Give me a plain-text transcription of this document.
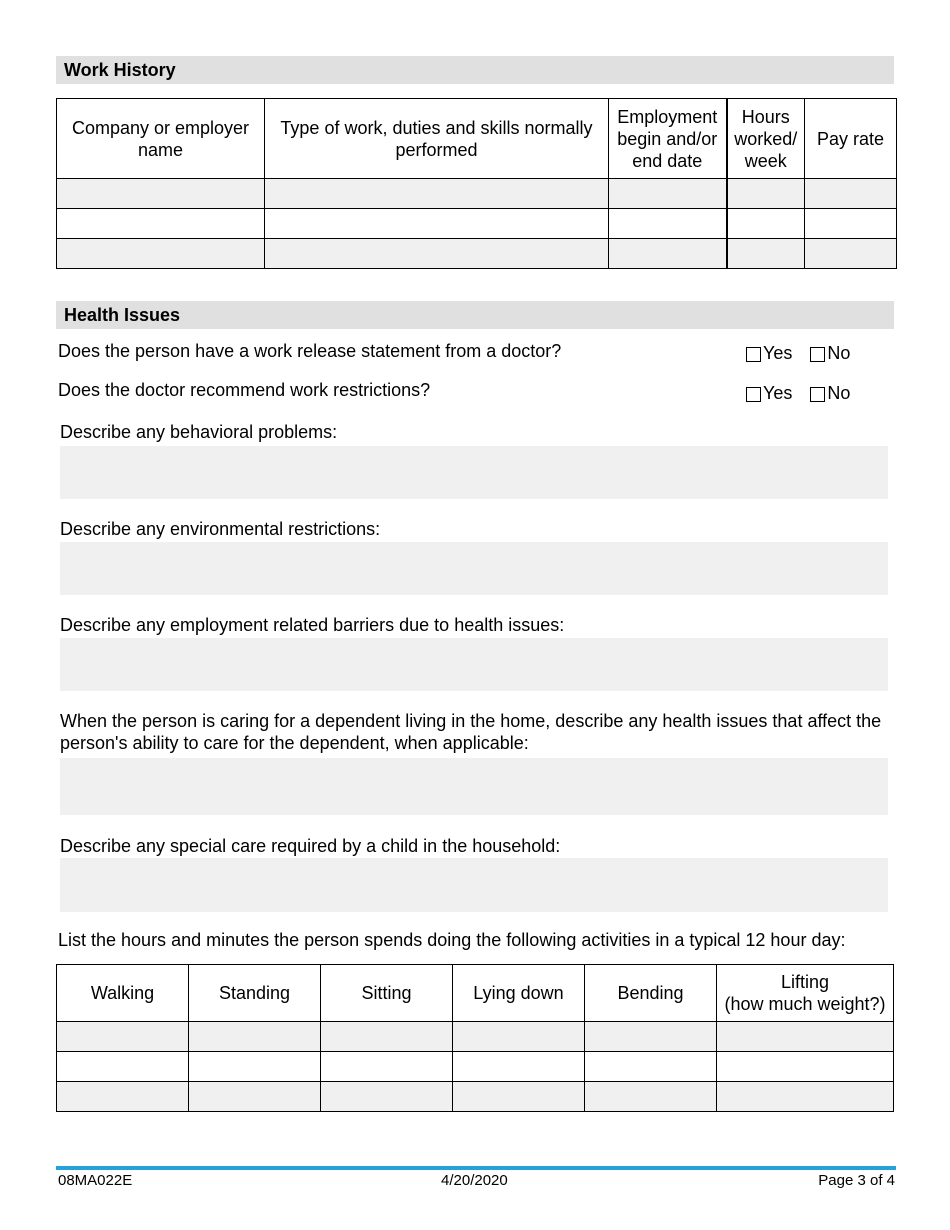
Work History
Company or employer name	Type of work, duties and skills normally performed	Employment begin and/or end date	Hours worked/ week	Pay rate

Health Issues
Does the person have a work release statement from a doctor?	Yes No
Does the doctor recommend work restrictions?	Yes No
Describe any behavioral problems:
Describe any environmental restrictions:
Describe any employment related barriers due to health issues:
When the person is caring for a dependent living in the home, describe any health issues that affect the person's ability to care for the dependent, when applicable:
Describe any special care required by a child in the household:
List the hours and minutes the person spends doing the following activities in a typical 12 hour day:
Walking	Standing	Sitting	Lying down	Bending	Lifting
(how much weight?)

08MA022E	4/20/2020	Page 3 of 4
